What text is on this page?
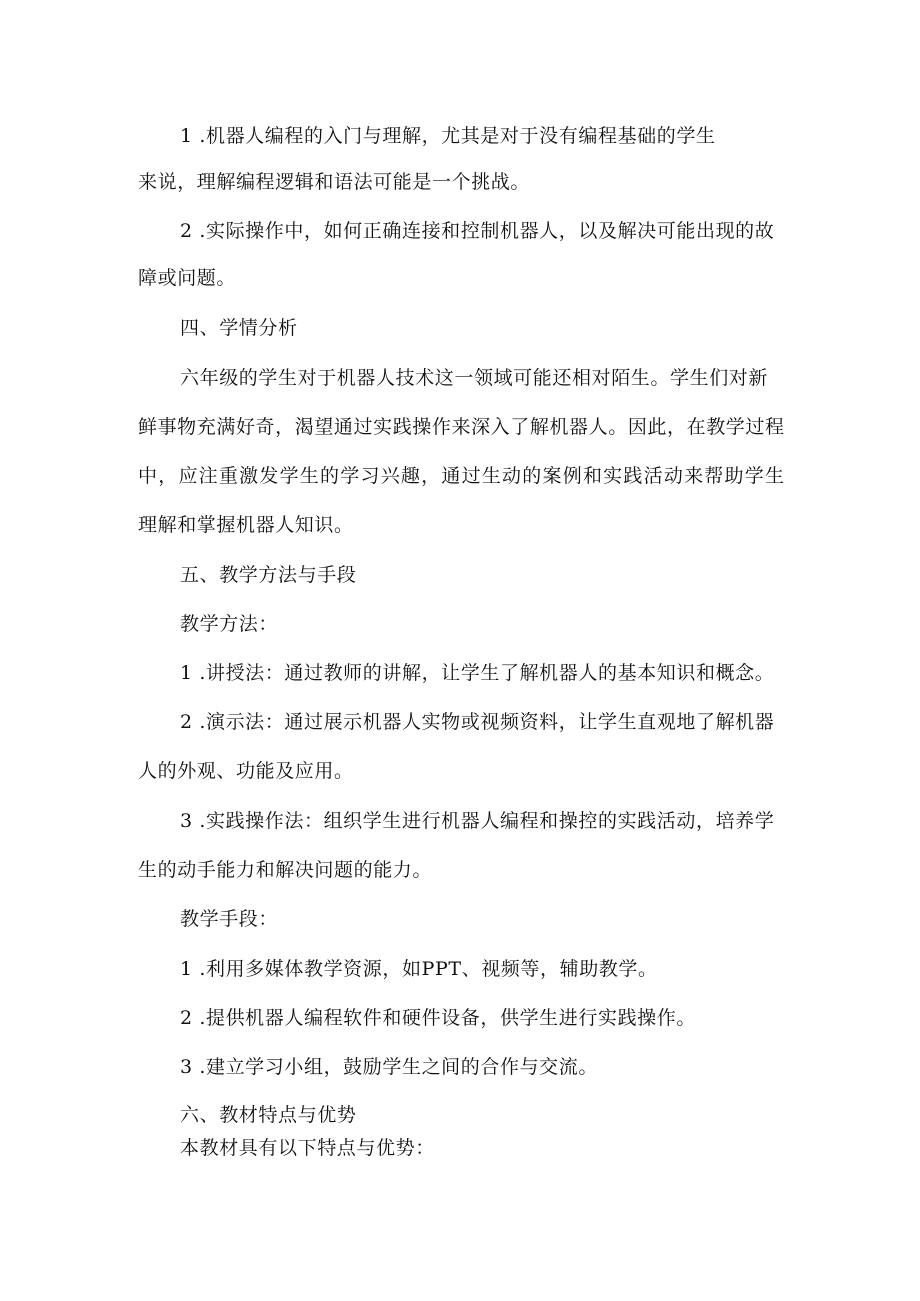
1 .机器人编程的入门与理解，尤其是对于没有编程基础的学生
来说，理解编程逻辑和语法可能是一个挑战。
2 .实际操作中，如何正确连接和控制机器人，以及解决可能出现的故
障或问题。
四、学情分析
六年级的学生对于机器人技术这一领域可能还相对陌生。学生们对新
鲜事物充满好奇，渴望通过实践操作来深入了解机器人。因此，在教学过程
中，应注重激发学生的学习兴趣，通过生动的案例和实践活动来帮助学生
理解和掌握机器人知识。
五、教学方法与手段
教学方法：
1 .讲授法：通过教师的讲解，让学生了解机器人的基本知识和概念。
2 .演示法：通过展示机器人实物或视频资料，让学生直观地了解机器
人的外观、功能及应用。
3 .实践操作法：组织学生进行机器人编程和操控的实践活动，培养学
生的动手能力和解决问题的能力。
教学手段：
1 .利用多媒体教学资源，如PPT、视频等，辅助教学。
2 .提供机器人编程软件和硬件设备，供学生进行实践操作。
3 .建立学习小组，鼓励学生之间的合作与交流。
六、教材特点与优势
本教材具有以下特点与优势：
